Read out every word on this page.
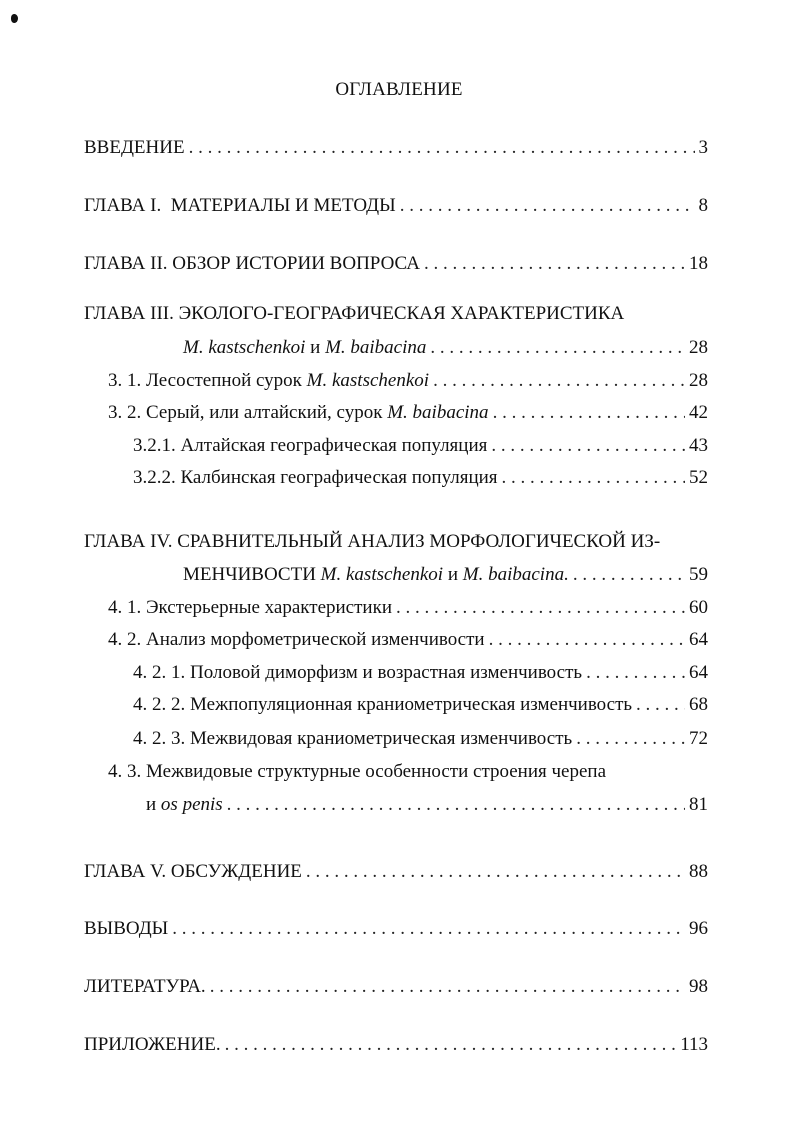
ОГЛАВЛЕНИЕ
ВВЕДЕНИЕ . . .	3
ГЛАВА I.  МАТЕРИАЛЫ И МЕТОДЫ . . .	8
ГЛАВА II. ОБЗОР ИСТОРИИ ВОПРОСА . . .	18
ГЛАВА III. ЭКОЛОГО-ГЕОГРАФИЧЕСКАЯ ХАРАКТЕРИСТИКА
M. kastschenkoi и M. baibacina . . .	28
3. 1. Лесостепной сурок M. kastschenkoi . . .	28
3. 2. Серый, или алтайский, сурок M. baibacina . . .	42
3.2.1. Алтайская географическая популяция . . .	43
3.2.2. Калбинская географическая популяция . . .	52
ГЛАВА IV. СРАВНИТЕЛЬНЫЙ АНАЛИЗ МОРФОЛОГИЧЕСКОЙ ИЗ-
МЕНЧИВОСТИ M. kastschenkoi и M. baibacina. . . .	59
4. 1. Экстерьерные характеристики . . .	60
4. 2. Анализ морфометрической изменчивости . . .	64
4. 2. 1. Половой диморфизм и возрастная изменчивость . . .	64
4. 2. 2. Межпопуляционная краниометрическая изменчивость . . .	68
4. 2. 3. Межвидовая краниометрическая изменчивость . . .	72
4. 3. Межвидовые структурные особенности строения черепа
и os penis . . .	81
ГЛАВА V. ОБСУЖДЕНИЕ . . .	88
ВЫВОДЫ . . .	96
ЛИТЕРАТУРА. . . .	98
ПРИЛОЖЕНИЕ. . . .	113
